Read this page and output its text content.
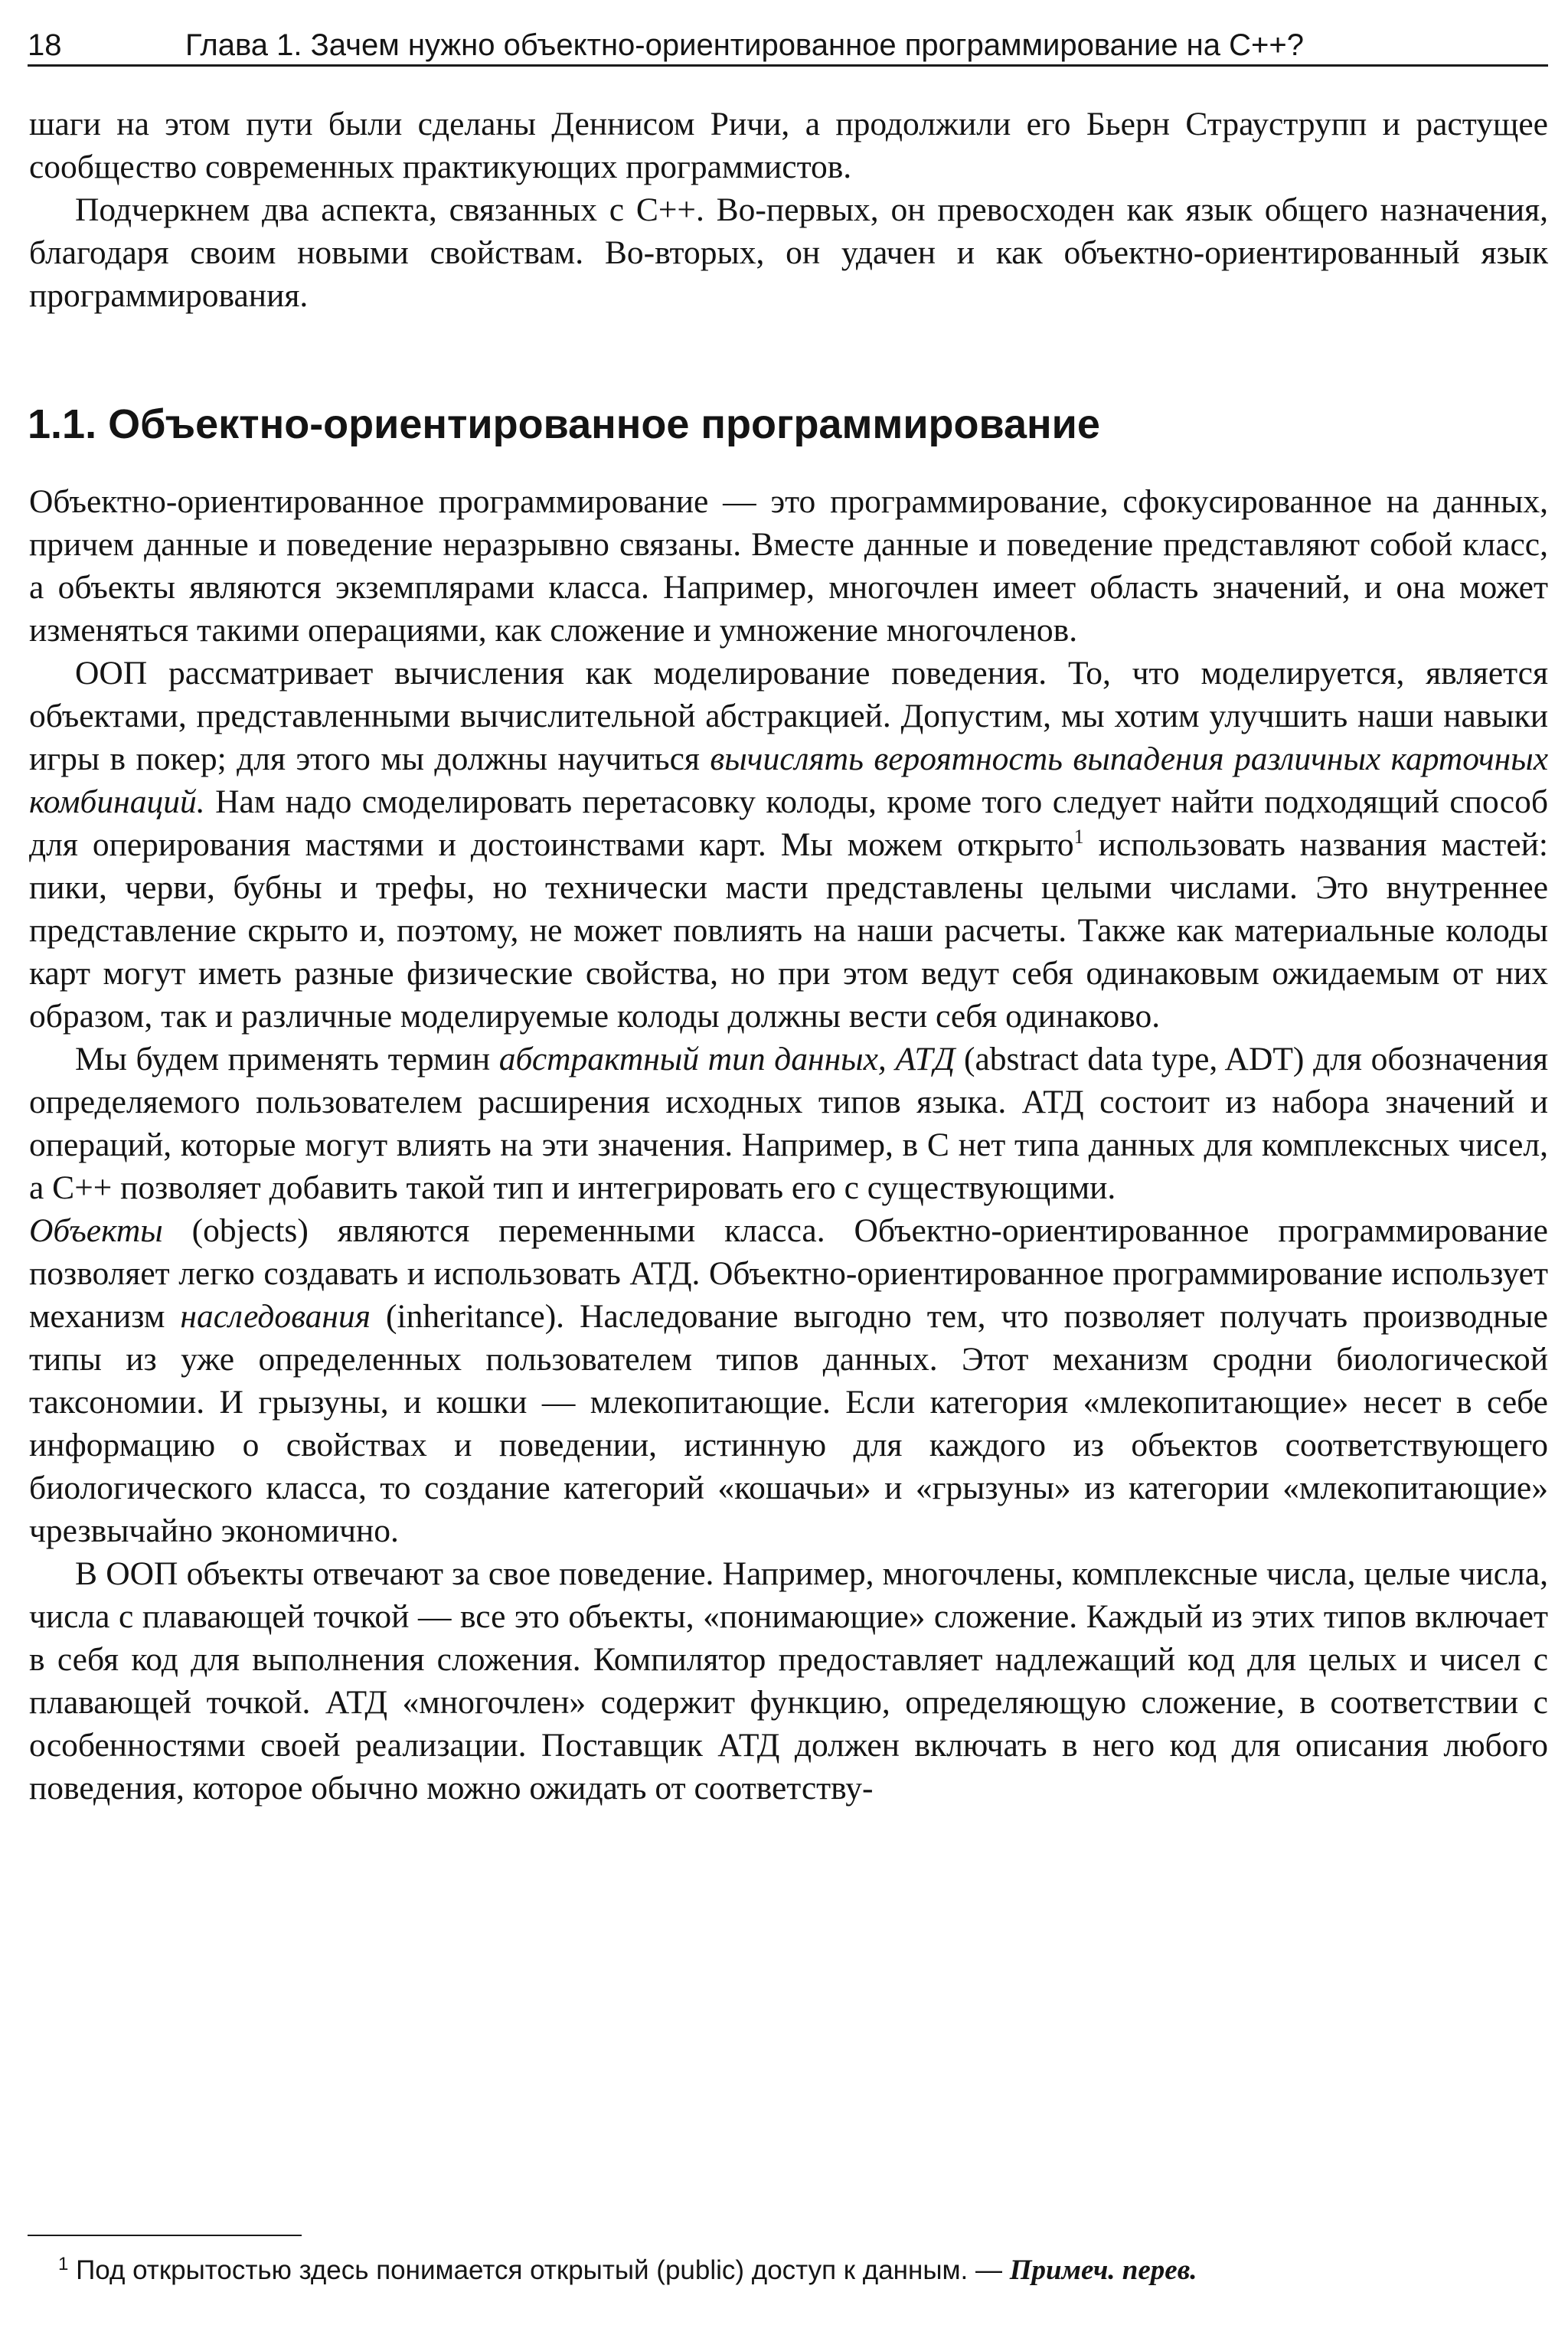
18	Глава 1. Зачем нужно объектно-ориентированное программирование на C++?

шаги на этом пути были сделаны Деннисом Ричи, а продолжили его Бьерн Страуструпп и растущее сообщество современных практикующих программистов.

Подчеркнем два аспекта, связанных с C++. Во-первых, он превосходен как язык общего назначения, благодаря своим новыми свойствам. Во-вторых, он удачен и как объектно-ориентированный язык программирования.

1.1. Объектно-ориентированное программирование

Объектно-ориентированное программирование — это программирование, сфокусированное на данных, причем данные и поведение неразрывно связаны. Вместе данные и поведение представляют собой класс, а объекты являются экземплярами класса. Например, многочлен имеет область значений, и она может изменяться такими операциями, как сложение и умножение многочленов.

ООП рассматривает вычисления как моделирование поведения. То, что моделируется, является объектами, представленными вычислительной абстракцией. Допустим, мы хотим улучшить наши навыки игры в покер; для этого мы должны научиться вычислять вероятность выпадения различных карточных комбинаций. Нам надо смоделировать перетасовку колоды, кроме того следует найти подходящий способ для оперирования мастями и достоинствами карт. Мы можем открыто$^1$ использовать названия мастей: пики, черви, бубны и трефы, но технически масти представлены целыми числами. Это внутреннее представление скрыто и, поэтому, не может повлиять на наши расчеты. Также как материальные колоды карт могут иметь разные физические свойства, но при этом ведут себя одинаковым ожидаемым от них образом, так и различные моделируемые колоды должны вести себя одинаково.

Мы будем применять термин абстрактный тип данных, АТД (abstract data type, ADT) для обозначения определяемого пользователем расширения исходных типов языка. АТД состоит из набора значений и операций, которые могут влиять на эти значения. Например, в C нет типа данных для комплексных чисел, а C++ позволяет добавить такой тип и интегрировать его с существующими.

Объекты (objects) являются переменными класса. Объектно-ориентированное программирование позволяет легко создавать и использовать АТД. Объектно-ориентированное программирование использует механизм наследования (inheritance). Наследование выгодно тем, что позволяет получать производные типы из уже определенных пользователем типов данных. Этот механизм сродни биологической таксономии. И грызуны, и кошки — млекопитающие. Если категория «млекопитающие» несет в себе информацию о свойствах и поведении, истинную для каждого из объектов соответствующего биологического класса, то создание категорий «кошачьи» и «грызуны» из категории «млекопитающие» чрезвычайно экономично.

В ООП объекты отвечают за свое поведение. Например, многочлены, комплексные числа, целые числа, числа с плавающей точкой — все это объекты, «понимающие» сложение. Каждый из этих типов включает в себя код для выполнения сложения. Компилятор предоставляет надлежащий код для целых и чисел с плавающей точкой. АТД «многочлен» содержит функцию, определяющую сложение, в соответствии с особенностями своей реализации. Поставщик АТД должен включать в него код для описания любого поведения, которое обычно можно ожидать от соответству-

$^1$ Под открытостью здесь понимается открытый (public) доступ к данным. — Примеч. перев.
